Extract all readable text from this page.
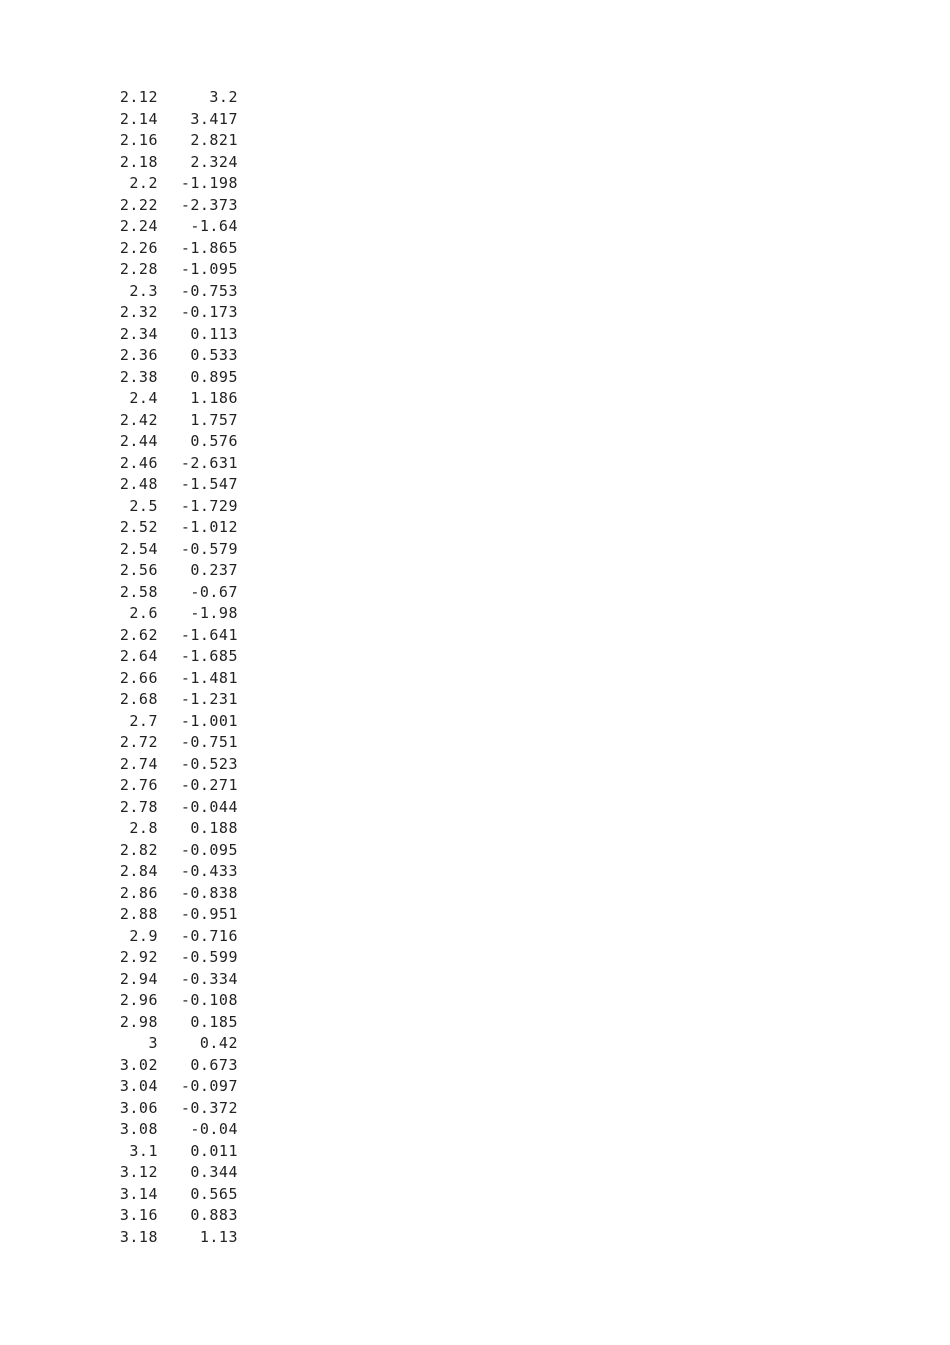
2.12	3.2
2.14	3.417
2.16	2.821
2.18	2.324
2.2	-1.198
2.22	-2.373
2.24	-1.64
2.26	-1.865
2.28	-1.095
2.3	-0.753
2.32	-0.173
2.34	0.113
2.36	0.533
2.38	0.895
2.4	1.186
2.42	1.757
2.44	0.576
2.46	-2.631
2.48	-1.547
2.5	-1.729
2.52	-1.012
2.54	-0.579
2.56	0.237
2.58	-0.67
2.6	-1.98
2.62	-1.641
2.64	-1.685
2.66	-1.481
2.68	-1.231
2.7	-1.001
2.72	-0.751
2.74	-0.523
2.76	-0.271
2.78	-0.044
2.8	0.188
2.82	-0.095
2.84	-0.433
2.86	-0.838
2.88	-0.951
2.9	-0.716
2.92	-0.599
2.94	-0.334
2.96	-0.108
2.98	0.185
3	0.42
3.02	0.673
3.04	-0.097
3.06	-0.372
3.08	-0.04
3.1	0.011
3.12	0.344
3.14	0.565
3.16	0.883
3.18	1.13
